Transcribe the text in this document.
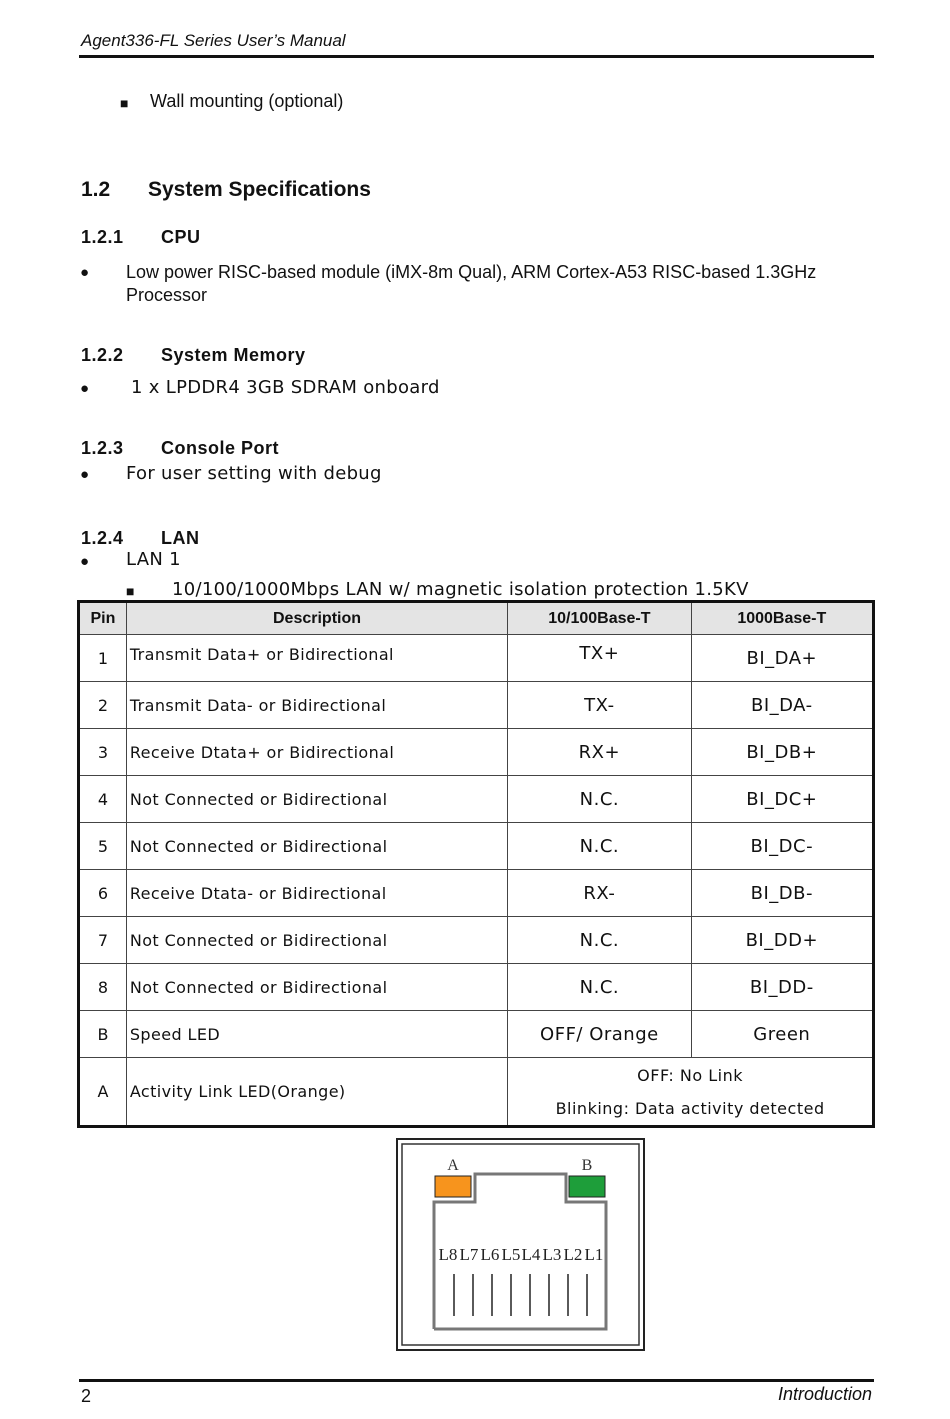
Agent336-FL Series User’s Manual
■ Wall mounting (optional)
1.2 System Specifications
1.2.1 CPU
● Low power RISC-based module (iMX-8m Qual), ARM Cortex-A53 RISC-based 1.3GHz
Processor
1.2.2 System Memory
● 1 x LPDDR4 3GB SDRAM onboard
1.2.3 Console Port
● For user setting with debug
1.2.4 LAN
● LAN 1
■ 10/100/1000Mbps LAN w/ magnetic isolation protection 1.5KV
Pin	Description	10/100Base-T	1000Base-T
1	Transmit Data+ or Bidirectional	TX+	BI_DA+
2	Transmit Data- or Bidirectional	TX-	BI_DA-
3	Receive Dtata+ or Bidirectional	RX+	BI_DB+
4	Not Connected or Bidirectional	N.C.	BI_DC+
5	Not Connected or Bidirectional	N.C.	BI_DC-
6	Receive Dtata- or Bidirectional	RX-	BI_DB-
7	Not Connected or Bidirectional	N.C.	BI_DD+
8	Not Connected or Bidirectional	N.C.	BI_DD-
B	Speed LED	OFF/ Orange	Green
A	Activity Link LED(Orange)	OFF: No Link
Blinking: Data activity detected	
A	B
L8 L7 L6 L5 L4 L3 L2 L1
2	Introduction
